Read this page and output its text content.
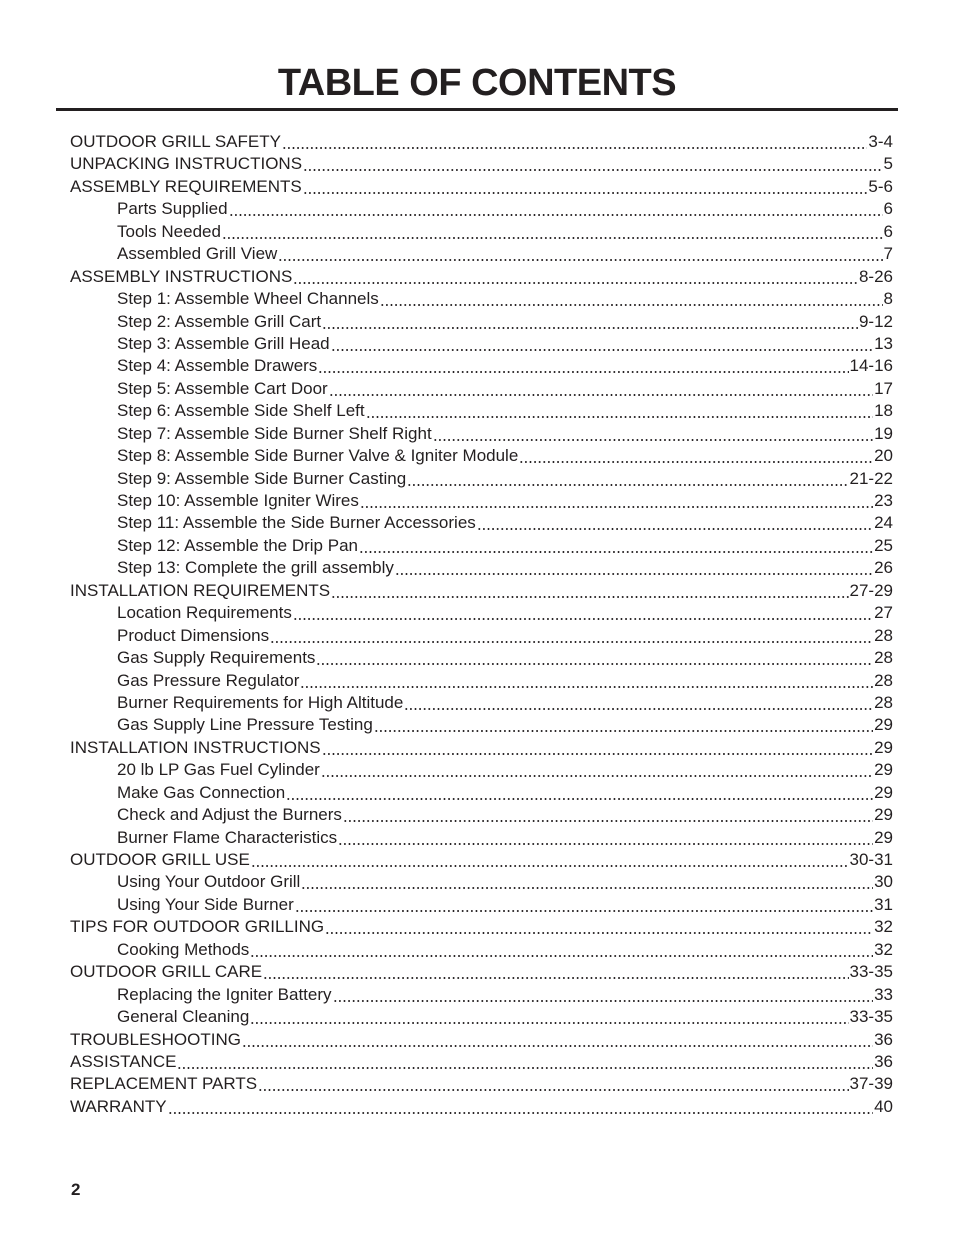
TABLE OF CONTENTS
OUTDOOR GRILL SAFETY	3-4
UNPACKING INSTRUCTIONS	5
ASSEMBLY REQUIREMENTS	5-6
Parts Supplied	6
Tools Needed	6
Assembled Grill View	7
ASSEMBLY INSTRUCTIONS	8-26
Step 1: Assemble Wheel Channels	8
Step 2: Assemble Grill Cart	9-12
Step 3: Assemble Grill Head	13
Step 4: Assemble Drawers	14-16
Step 5: Assemble Cart Door	17
Step 6: Assemble Side Shelf Left	18
Step 7: Assemble Side Burner Shelf Right	19
Step 8: Assemble Side Burner Valve & Igniter Module	20
Step 9: Assemble Side Burner Casting	21-22
Step 10: Assemble Igniter Wires	23
Step 11: Assemble the Side Burner Accessories	24
Step 12: Assemble the Drip Pan	25
Step 13: Complete the grill assembly	26
INSTALLATION REQUIREMENTS	27-29
Location Requirements	27
Product Dimensions	28
Gas Supply Requirements	28
Gas Pressure Regulator	28
Burner Requirements for High Altitude	28
Gas Supply Line Pressure Testing	29
INSTALLATION INSTRUCTIONS	29
20 lb LP Gas Fuel Cylinder	29
Make Gas Connection	29
Check and Adjust the Burners	29
Burner Flame Characteristics	29
OUTDOOR GRILL USE	30-31
Using Your Outdoor Grill	30
Using Your Side Burner	31
TIPS FOR OUTDOOR GRILLING	32
Cooking Methods	32
OUTDOOR GRILL CARE	33-35
Replacing the Igniter Battery	33
General Cleaning	33-35
TROUBLESHOOTING	36
ASSISTANCE	36
REPLACEMENT PARTS	37-39
WARRANTY	40
2
